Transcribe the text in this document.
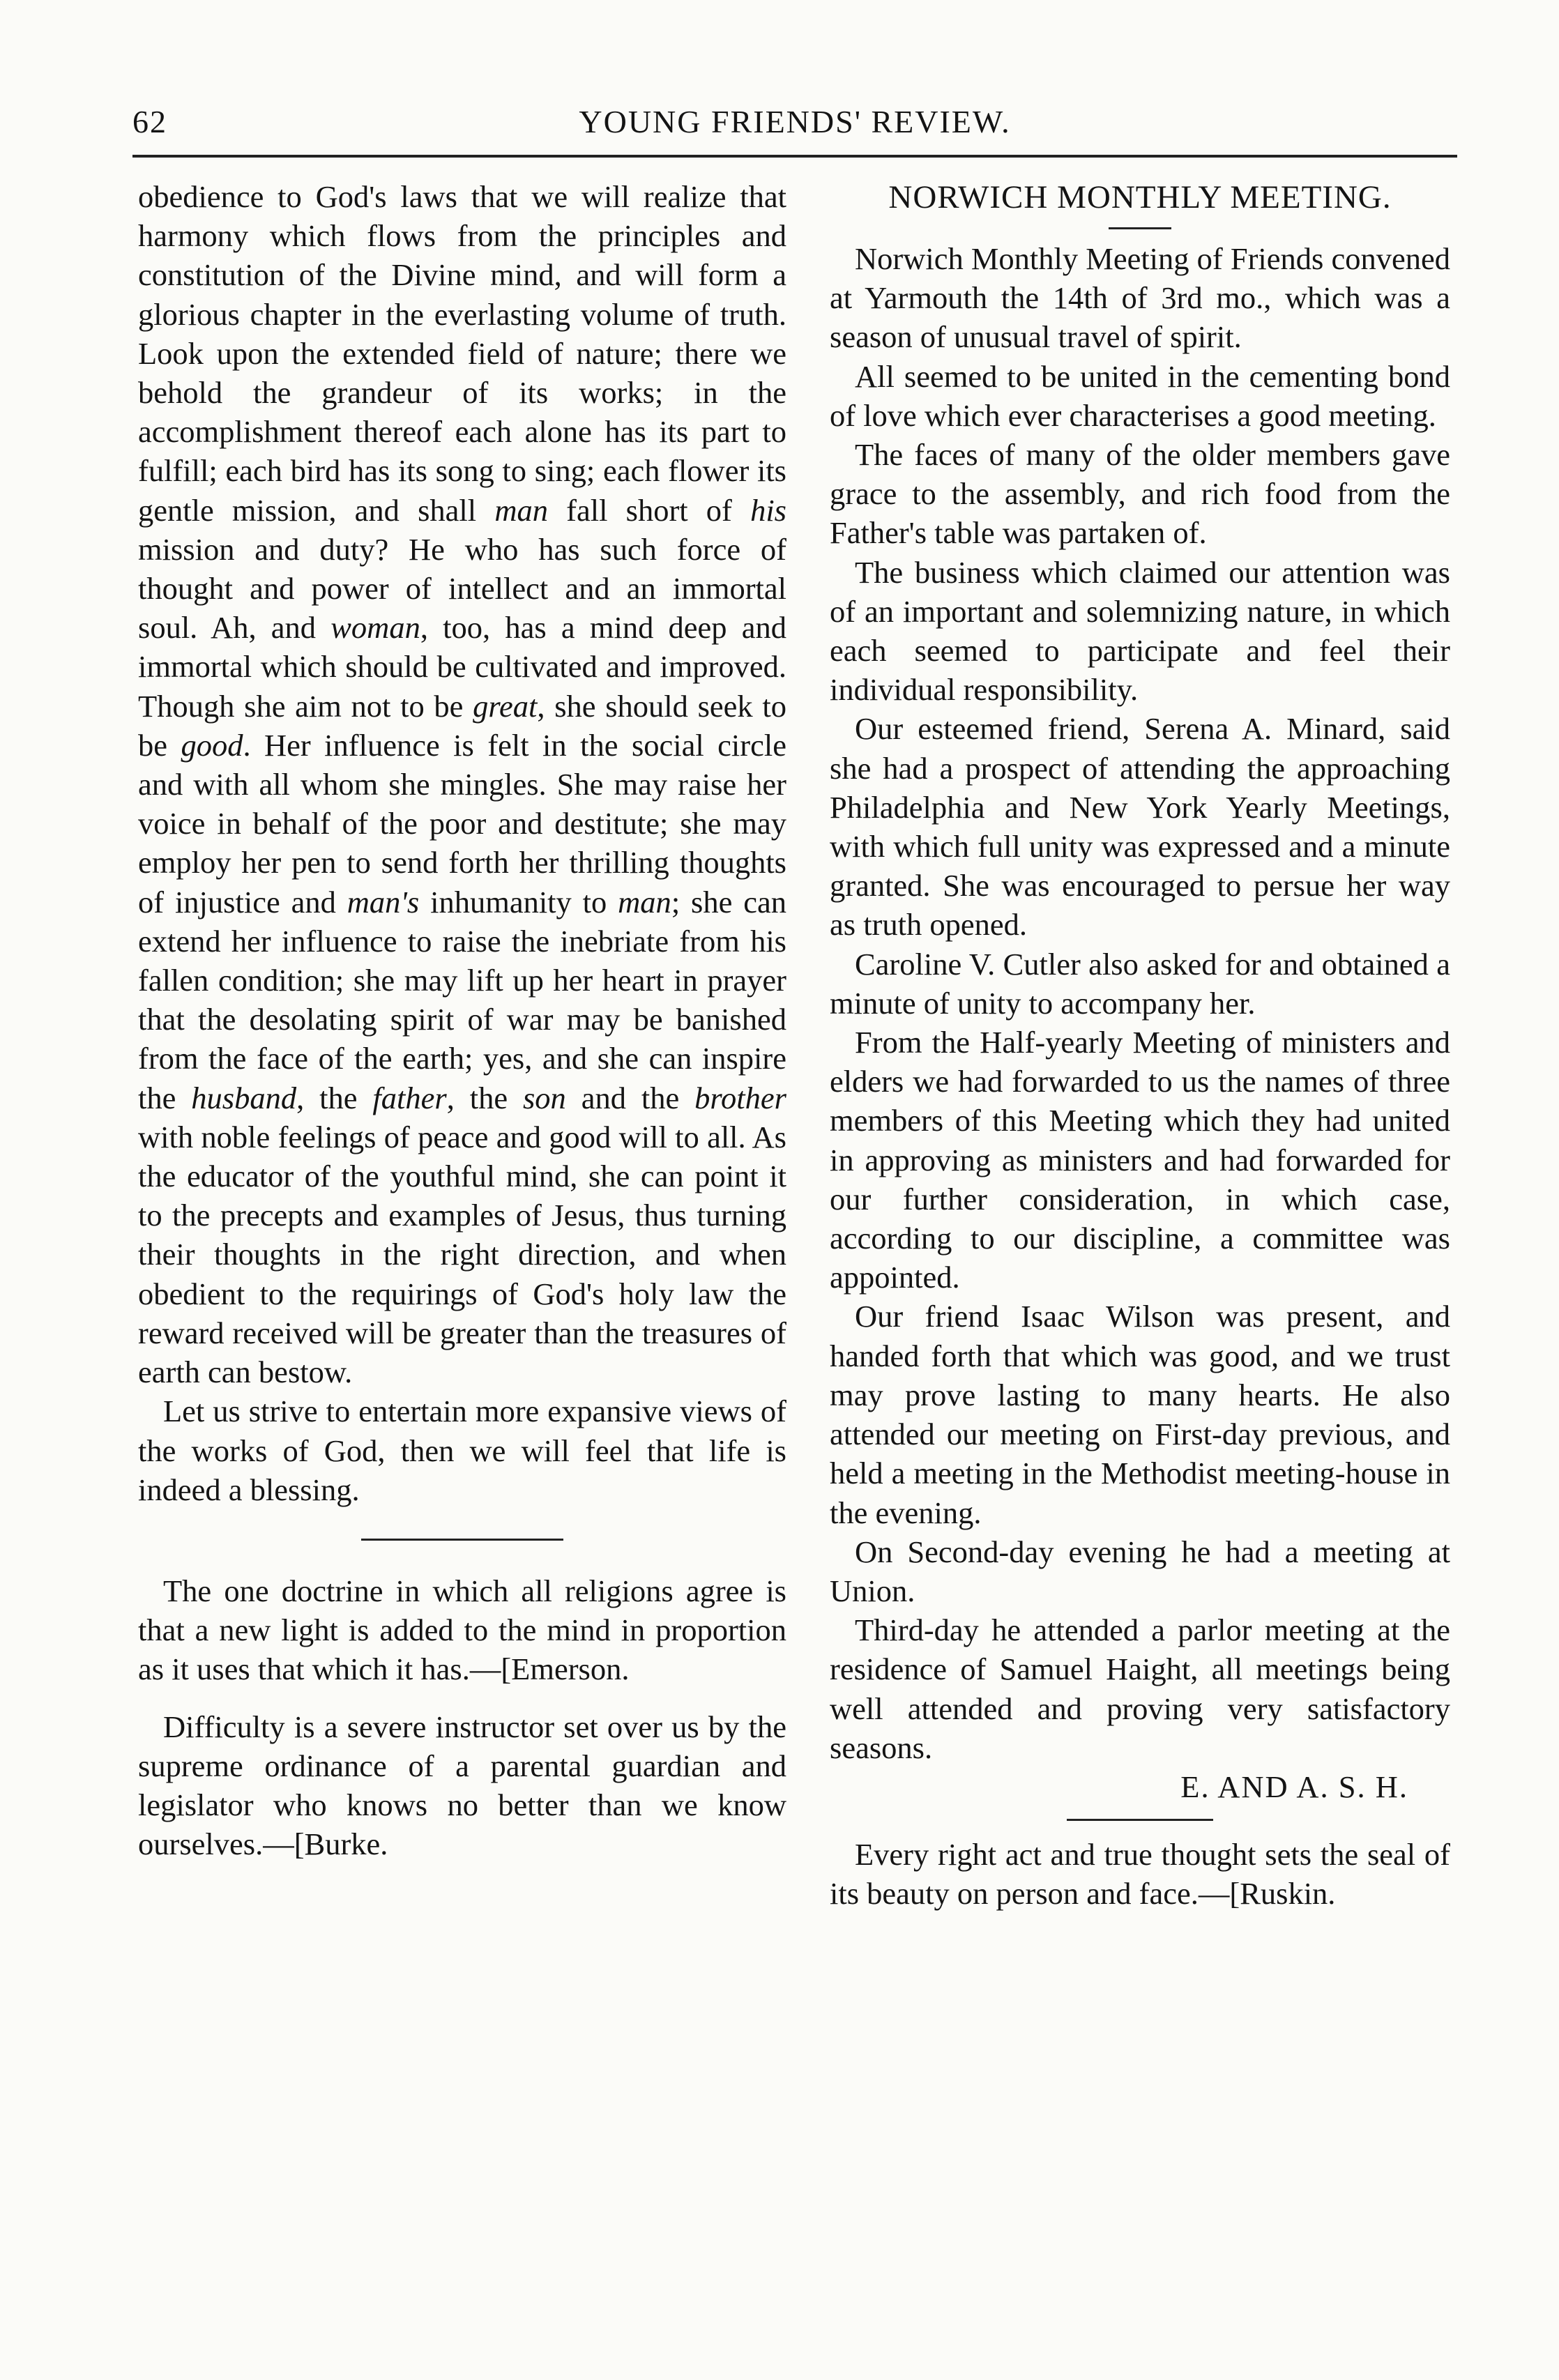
62	YOUNG FRIENDS' REVIEW.

obedience to God's laws that we will realize that harmony which flows from the principles and constitution of the Divine mind, and will form a glorious chapter in the everlasting volume of truth. Look upon the extended field of nature; there we behold the grandeur of its works; in the accomplishment thereof each alone has its part to fulfill; each bird has its song to sing; each flower its gentle mission, and shall man fall short of his mission and duty? He who has such force of thought and power of intellect and an immortal soul. Ah, and woman, too, has a mind deep and immortal which should be cultivated and improved. Though she aim not to be great, she should seek to be good. Her influence is felt in the social circle and with all whom she mingles. She may raise her voice in behalf of the poor and destitute; she may employ her pen to send forth her thrilling thoughts of injustice and man's inhumanity to man; she can extend her influence to raise the inebriate from his fallen condition; she may lift up her heart in prayer that the desolating spirit of war may be banished from the face of the earth; yes, and she can inspire the husband, the father, the son and the brother with noble feelings of peace and good will to all. As the educator of the youthful mind, she can point it to the precepts and examples of Jesus, thus turning their thoughts in the right direction, and when obedient to the requirings of God's holy law the reward received will be greater than the treasures of earth can bestow.

Let us strive to entertain more expansive views of the works of God, then we will feel that life is indeed a blessing.

The one doctrine in which all religions agree is that a new light is added to the mind in proportion as it uses that which it has.—[Emerson.

Difficulty is a severe instructor set over us by the supreme ordinance of a parental guardian and legislator who knows no better than we know ourselves.—[Burke.

NORWICH MONTHLY MEETING.

Norwich Monthly Meeting of Friends convened at Yarmouth the 14th of 3rd mo., which was a season of unusual travel of spirit.

All seemed to be united in the cementing bond of love which ever characterises a good meeting.

The faces of many of the older members gave grace to the assembly, and rich food from the Father's table was partaken of.

The business which claimed our attention was of an important and solemnizing nature, in which each seemed to participate and feel their individual responsibility.

Our esteemed friend, Serena A. Minard, said she had a prospect of attending the approaching Philadelphia and New York Yearly Meetings, with which full unity was expressed and a minute granted. She was encouraged to persue her way as truth opened.

Caroline V. Cutler also asked for and obtained a minute of unity to accompany her.

From the Half-yearly Meeting of ministers and elders we had forwarded to us the names of three members of this Meeting which they had united in approving as ministers and had forwarded for our further consideration, in which case, according to our discipline, a committee was appointed.

Our friend Isaac Wilson was present, and handed forth that which was good, and we trust may prove lasting to many hearts. He also attended our meeting on First-day previous, and held a meeting in the Methodist meeting-house in the evening.

On Second-day evening he had a meeting at Union.

Third-day he attended a parlor meeting at the residence of Samuel Haight, all meetings being well attended and proving very satisfactory seasons.

E. AND A. S. H.

Every right act and true thought sets the seal of its beauty on person and face.—[Ruskin.
